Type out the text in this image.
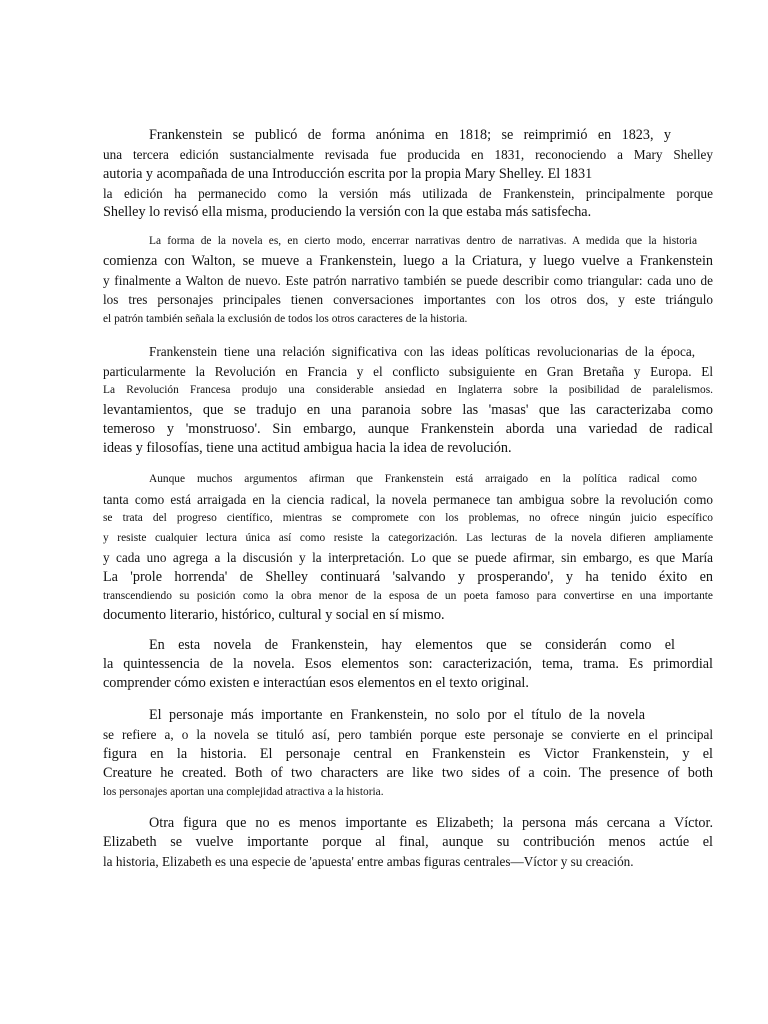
Frankenstein se publicó de forma anónima en 1818; se reimprimió en 1823, y
una tercera edición sustancialmente revisada fue producida en 1831, reconociendo a Mary Shelley
autoria y acompañada de una Introducción escrita por la propia Mary Shelley. El 1831
la edición ha permanecido como la versión más utilizada de Frankenstein, principalmente porque
Shelley lo revisó ella misma, produciendo la versión con la que estaba más satisfecha.
La forma de la novela es, en cierto modo, encerrar narrativas dentro de narrativas. A medida que la historia
comienza con Walton, se mueve a Frankenstein, luego a la Criatura, y luego vuelve a Frankenstein
y finalmente a Walton de nuevo. Este patrón narrativo también se puede describir como triangular: cada uno de
los tres personajes principales tienen conversaciones importantes con los otros dos, y este triángulo
el patrón también señala la exclusión de todos los otros caracteres de la historia.
Frankenstein tiene una relación significativa con las ideas políticas revolucionarias de la época,
particularmente la Revolución en Francia y el conflicto subsiguiente en Gran Bretaña y Europa. El
La Revolución Francesa produjo una considerable ansiedad en Inglaterra sobre la posibilidad de paralelismos.
levantamientos, que se tradujo en una paranoia sobre las 'masas' que las caracterizaba como
temeroso y 'monstruoso'. Sin embargo, aunque Frankenstein aborda una variedad de radical
ideas y filosofías, tiene una actitud ambigua hacia la idea de revolución.
Aunque muchos argumentos afirman que Frankenstein está arraigado en la política radical como
tanta como está arraigada en la ciencia radical, la novela permanece tan ambigua sobre la revolución como
se trata del progreso científico, mientras se compromete con los problemas, no ofrece ningún juicio específico
y resiste cualquier lectura única así como resiste la categorización. Las lecturas de la novela difieren ampliamente
y cada uno agrega a la discusión y la interpretación. Lo que se puede afirmar, sin embargo, es que María
La 'prole horrenda' de Shelley continuará 'salvando y prosperando', y ha tenido éxito en
transcendiendo su posición como la obra menor de la esposa de un poeta famoso para convertirse en una importante
documento literario, histórico, cultural y social en sí mismo.
En esta novela de Frankenstein, hay elementos que se considerán como el
la quintessencia de la novela. Esos elementos son: caracterización, tema, trama. Es primordial
comprender cómo existen e interactúan esos elementos en el texto original.
El personaje más importante en Frankenstein, no solo por el título de la novela
se refiere a, o la novela se tituló así, pero también porque este personaje se convierte en el principal
figura en la historia. El personaje central en Frankenstein es Victor Frankenstein, y el
Creature he created. Both of two characters are like two sides of a coin. The presence of both
los personajes aportan una complejidad atractiva a la historia.
Otra figura que no es menos importante es Elizabeth; la persona más cercana a Víctor.
Elizabeth se vuelve importante porque al final, aunque su contribución menos actúe el
la historia, Elizabeth es una especie de 'apuesta' entre ambas figuras centrales—Víctor y su creación.
